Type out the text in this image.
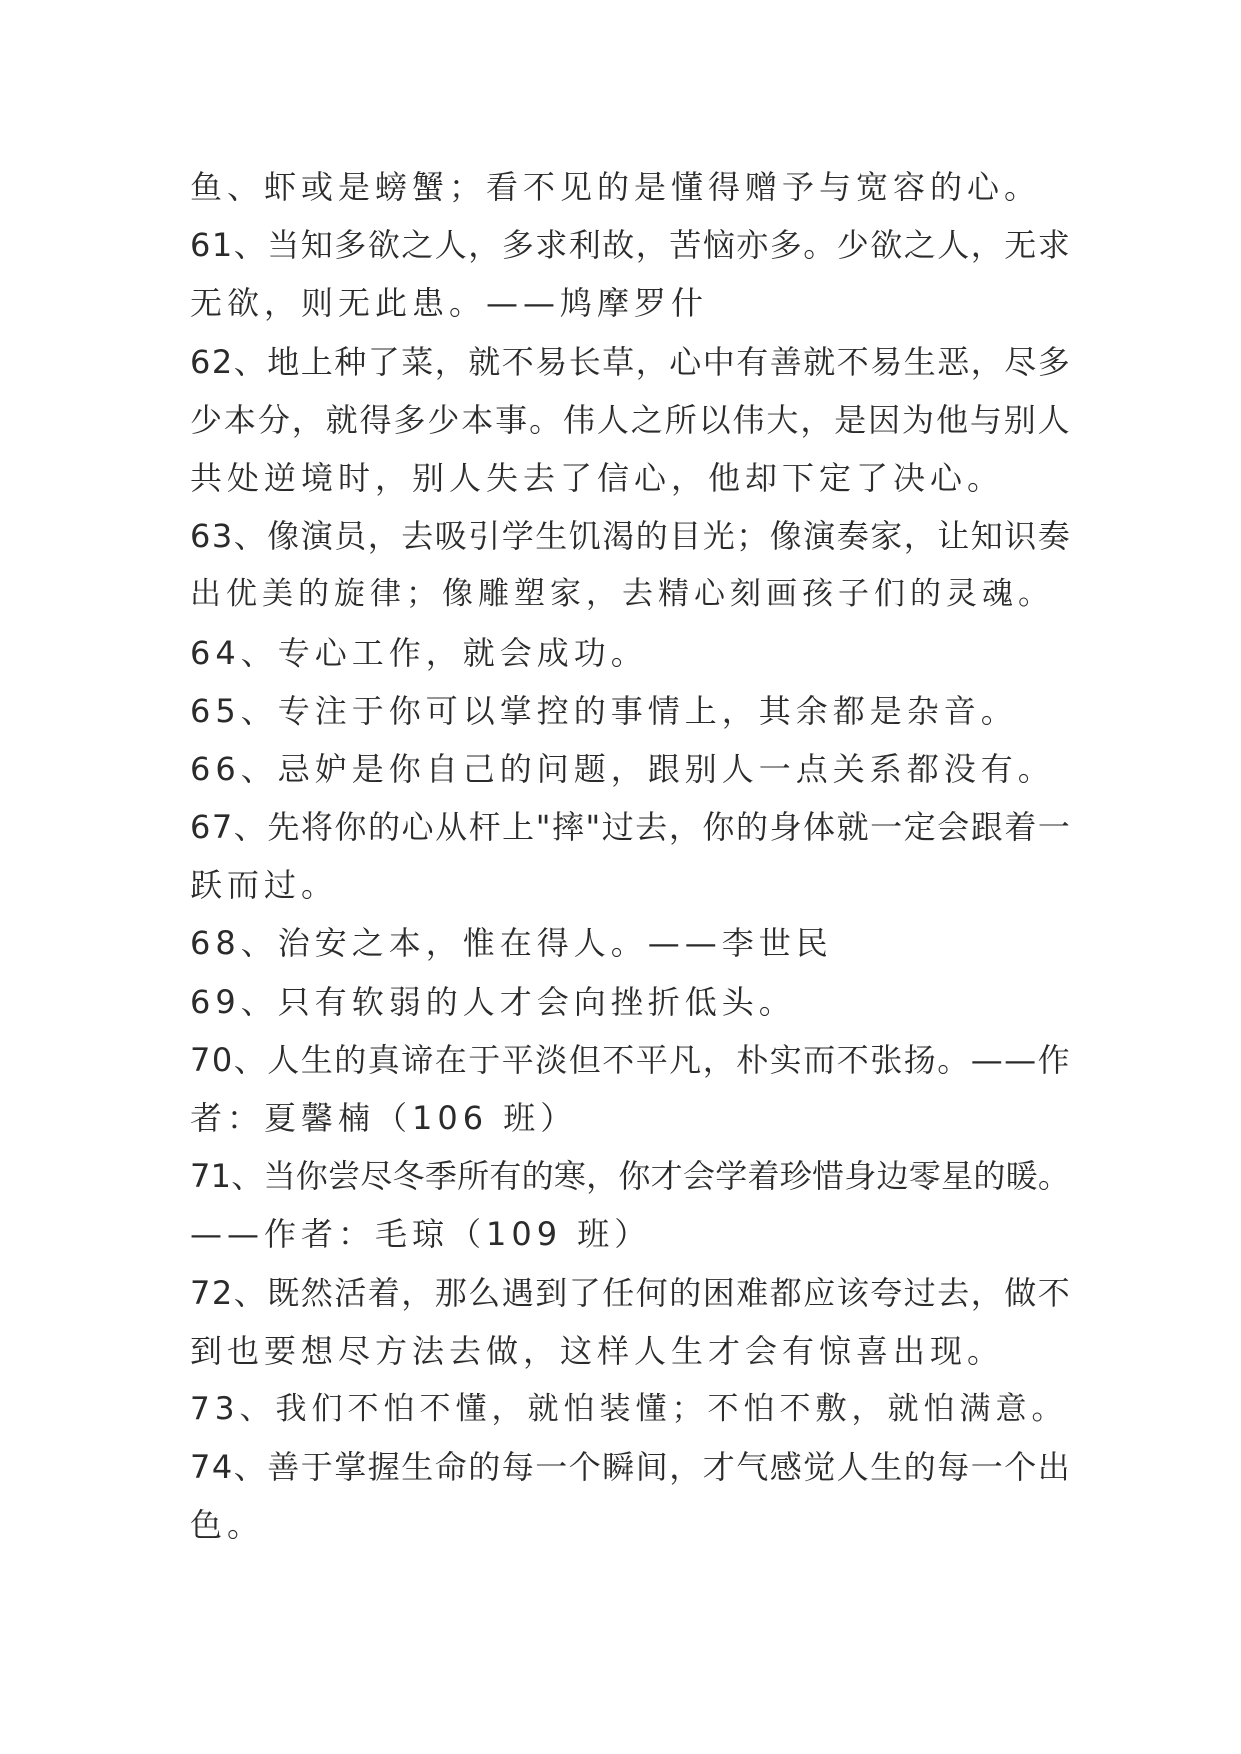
鱼、虾或是螃蟹；看不见的是懂得赠予与宽容的心。
6 1 、 当 知 多 欲 之 人 ， 多 求 利 故 ， 苦 恼 亦 多 。 少 欲 之 人 ， 无 求
无欲，则无此患。——鸠摩罗什
6 2 、 地 上 种 了 菜 ， 就 不 易 长 草 ， 心 中 有 善 就 不 易 生 恶 ， 尽 多
少 本 分 ， 就 得 多 少 本 事 。 伟 人 之 所 以 伟 大 ， 是 因 为 他 与 别 人
共处逆境时，别人失去了信心，他却下定了决心。
6 3 、 像 演 员 ， 去 吸 引 学 生 饥 渴 的 目 光 ； 像 演 奏 家 ， 让 知 识 奏
出优美的旋律；像雕塑家，去精心刻画孩子们的灵魂。
64、专心工作，就会成功。
65、专注于你可以掌控的事情上，其余都是杂音。
66、忌妒是你自己的问题，跟别人一点关系都没有。
6 7 、 先 将 你 的 心 从 杆 上 " 摔 " 过 去 ， 你 的 身 体 就 一 定 会 跟 着 一
跃而过。
68、治安之本，惟在得人。——李世民
69、只有软弱的人才会向挫折低头。
7 0 、 人 生 的 真 谛 在 于 平 淡 但 不 平 凡 ， 朴 实 而 不 张 扬 。 — — 作
者：夏馨楠（106 班）
7 1 、 当 你 尝 尽 冬 季 所 有 的 寒 ， 你 才 会 学 着 珍 惜 身 边 零 星 的 暖 。
——作者：毛琼（109 班）
7 2 、 既 然 活 着 ， 那 么 遇 到 了 任 何 的 困 难 都 应 该 夸 过 去 ， 做 不
到也要想尽方法去做，这样人生才会有惊喜出现。
73、我们不怕不懂，就怕装懂；不怕不敷，就怕满意。
7 4 、 善 于 掌 握 生 命 的 每 一 个 瞬 间 ， 才 气 感 觉 人 生 的 每 一 个 出
色。
